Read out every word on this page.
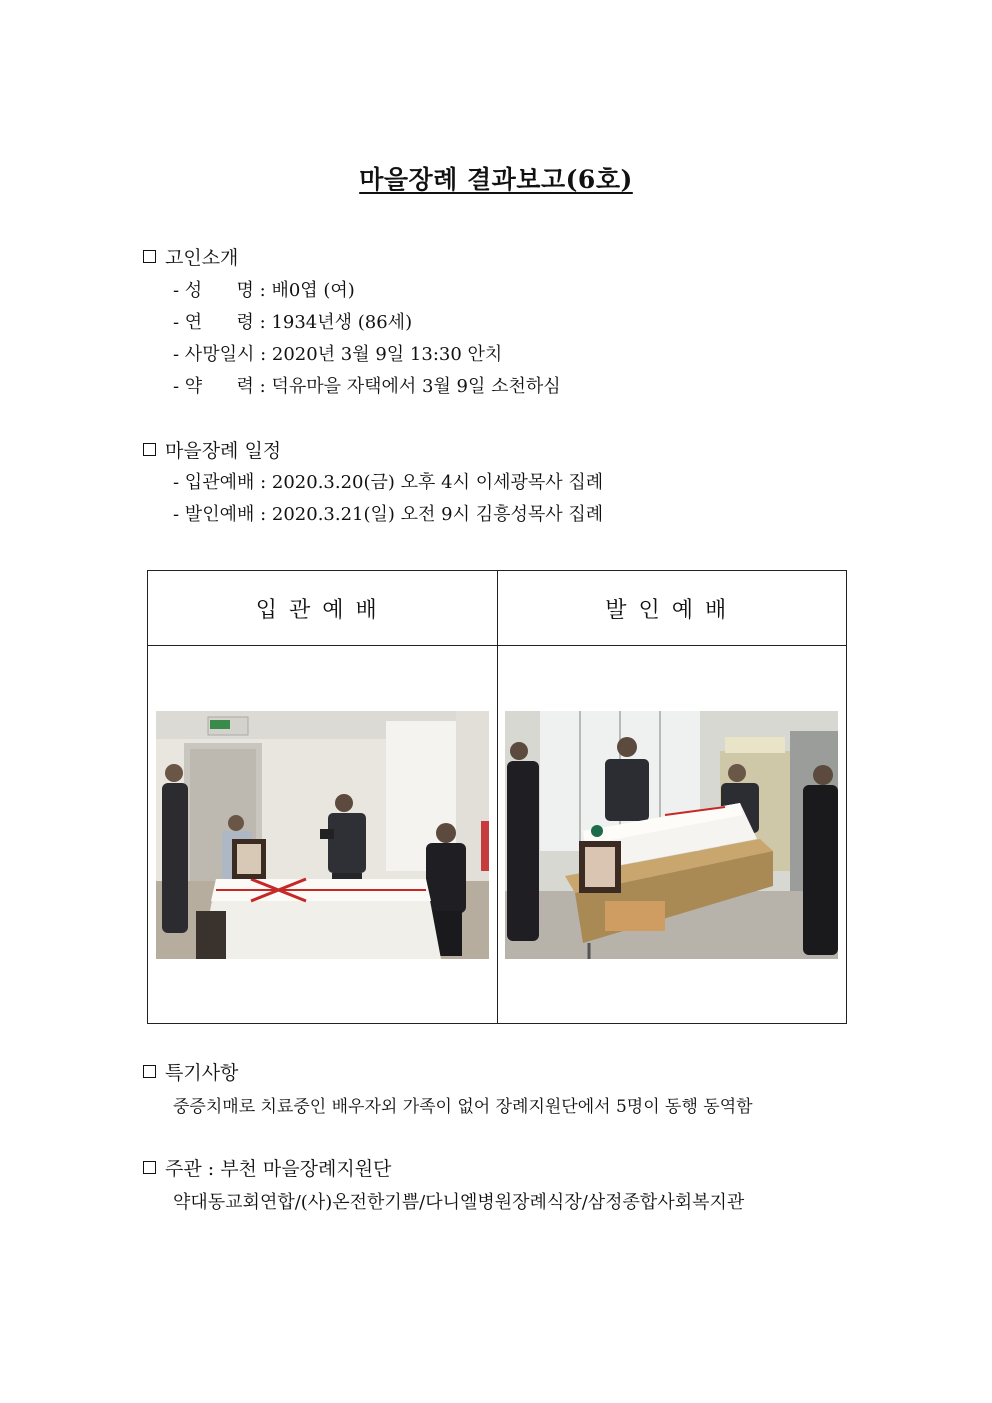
마을장례 결과보고(6호)
고인소개
- 성      명 : 배0엽 (여)
- 연      령 : 1934년생 (86세)
- 사망일시 : 2020년 3월 9일 13:30 안치
- 약      력 : 덕유마을 자택에서 3월 9일 소천하심
마을장례 일정
- 입관예배 : 2020.3.20(금) 오후 4시 이세광목사 집례
- 발인예배 : 2020.3.21(일) 오전 9시 김흥성목사 집례
입관예배	발인예배

특기사항
중증치매로 치료중인 배우자외 가족이 없어 장례지원단에서 5명이 동행 동역함
주관 : 부천 마을장례지원단
약대동교회연합/(사)온전한기쁨/다니엘병원장례식장/삼정종합사회복지관
